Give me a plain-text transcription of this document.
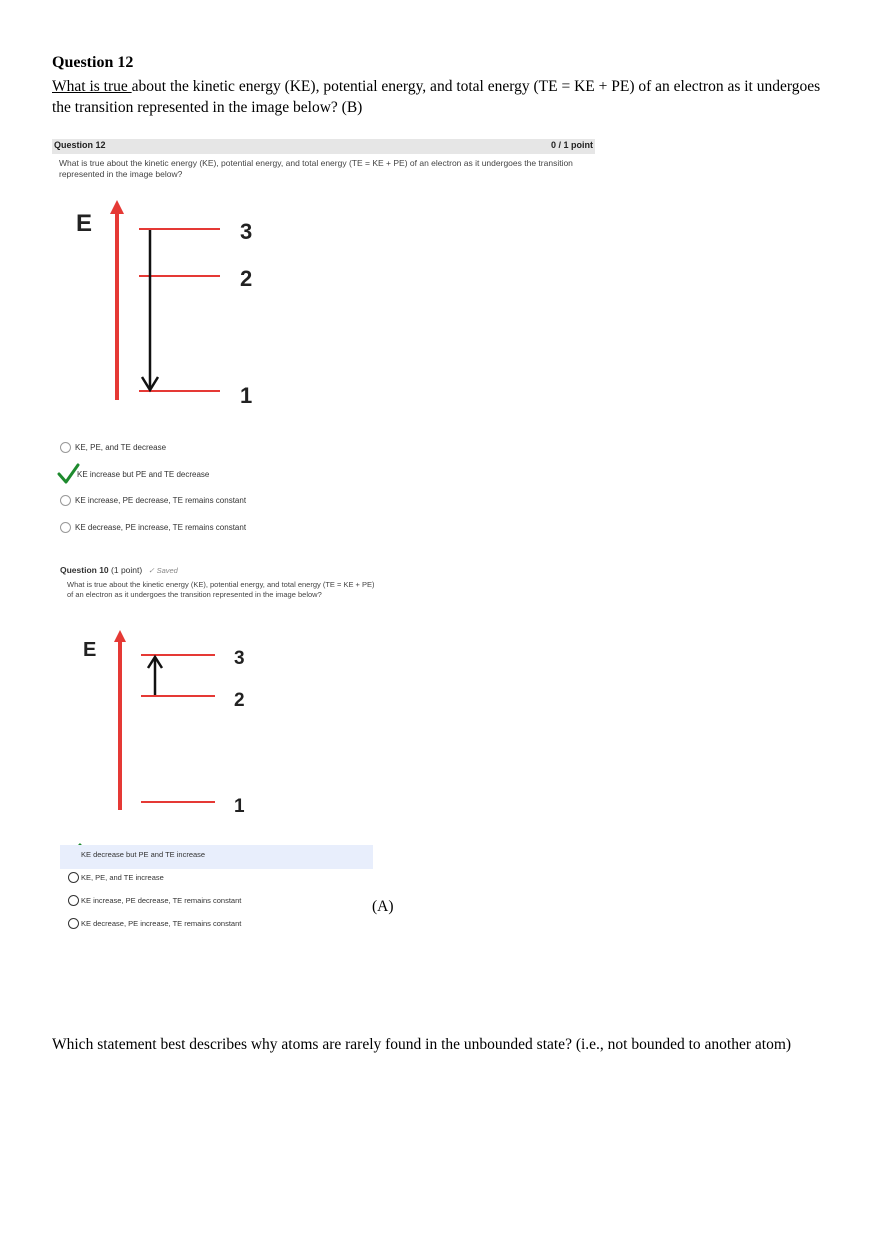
Question 12
What is true about the kinetic energy (KE), potential energy, and total energy (TE = KE + PE) of an electron as it undergoes the transition represented in the image below? (B)
Question 12	0 / 1 point
What is true about the kinetic energy (KE), potential energy, and total energy (TE = KE + PE) of an electron as it undergoes the transition represented in the image below?
E	3
2
1
E	3
2
1
KE, PE, and TE decrease
KE increase but PE and TE decrease
KE increase, PE decrease, TE remains constant
KE decrease, PE increase, TE remains constant
Question 10 (1 point) ✓ Saved
What is true about the kinetic energy (KE), potential energy, and total energy (TE = KE + PE) of an electron as it undergoes the transition represented in the image below?
KE decrease but PE and TE increase
KE, PE, and TE increase
KE increase, PE decrease, TE remains constant
KE decrease, PE increase, TE remains constant
(A)
Which statement best describes why atoms are rarely found in the unbounded state? (i.e., not bounded to another atom)
